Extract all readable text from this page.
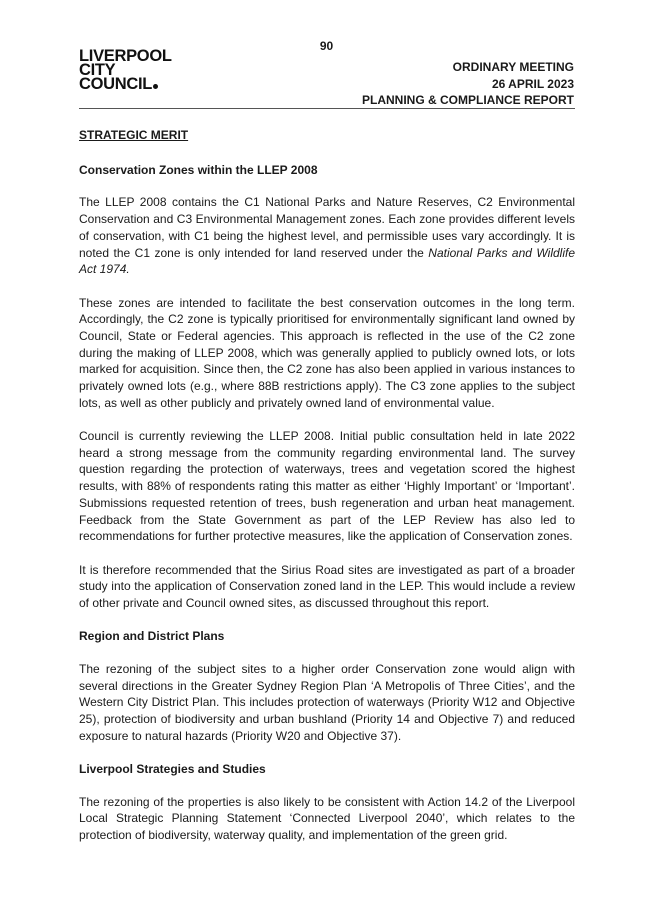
90
LIVERPOOL
CITY
COUNCIL
ORDINARY MEETING
26 APRIL 2023
PLANNING & COMPLIANCE REPORT
STRATEGIC MERIT
Conservation Zones within the LLEP 2008

The LLEP 2008 contains the C1 National Parks and Nature Reserves, C2 Environmental Conservation and C3 Environmental Management zones. Each zone provides different levels of conservation, with C1 being the highest level, and permissible uses vary accordingly. It is noted the C1 zone is only intended for land reserved under the National Parks and Wildlife Act 1974.

These zones are intended to facilitate the best conservation outcomes in the long term. Accordingly, the C2 zone is typically prioritised for environmentally significant land owned by Council, State or Federal agencies. This approach is reflected in the use of the C2 zone during the making of LLEP 2008, which was generally applied to publicly owned lots, or lots marked for acquisition. Since then, the C2 zone has also been applied in various instances to privately owned lots (e.g., where 88B restrictions apply). The C3 zone applies to the subject lots, as well as other publicly and privately owned land of environmental value.

Council is currently reviewing the LLEP 2008. Initial public consultation held in late 2022 heard a strong message from the community regarding environmental land. The survey question regarding the protection of waterways, trees and vegetation scored the highest results, with 88% of respondents rating this matter as either ‘Highly Important’ or ‘Important’. Submissions requested retention of trees, bush regeneration and urban heat management. Feedback from the State Government as part of the LEP Review has also led to recommendations for further protective measures, like the application of Conservation zones.

It is therefore recommended that the Sirius Road sites are investigated as part of a broader study into the application of Conservation zoned land in the LEP. This would include a review of other private and Council owned sites, as discussed throughout this report.

Region and District Plans

The rezoning of the subject sites to a higher order Conservation zone would align with several directions in the Greater Sydney Region Plan ‘A Metropolis of Three Cities’, and the Western City District Plan. This includes protection of waterways (Priority W12 and Objective 25), protection of biodiversity and urban bushland (Priority 14 and Objective 7) and reduced exposure to natural hazards (Priority W20 and Objective 37).

Liverpool Strategies and Studies

The rezoning of the properties is also likely to be consistent with Action 14.2 of the Liverpool Local Strategic Planning Statement ‘Connected Liverpool 2040’, which relates to the protection of biodiversity, waterway quality, and implementation of the green grid.
